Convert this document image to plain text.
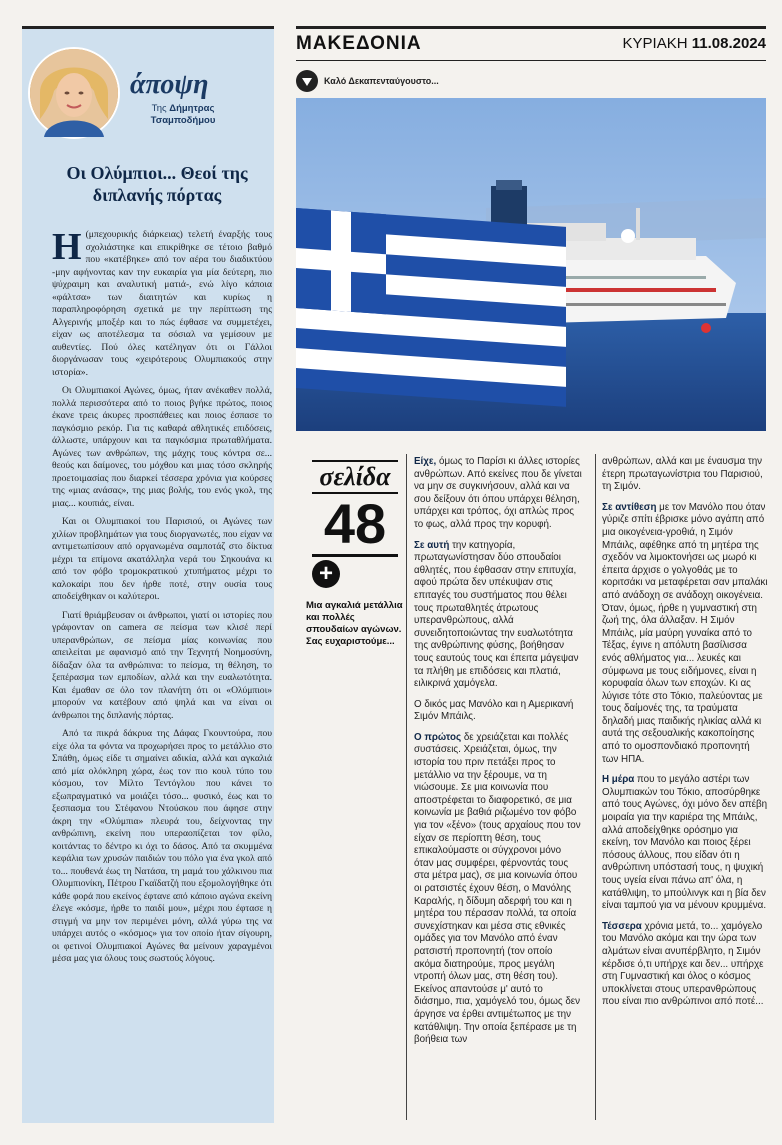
άποψη
Της Δήμητρας Τσαμποδήμου
Οι Ολύμπιοι... Θεοί της διπλανής πόρτας

Η (μπεχουρικής διάρκειας) τελετή έναρξής τους σχολιάστηκε και επικρίθηκε σε τέτοιο βαθμό που «κατέβηκε» από τον αέρα του διαδικτύου -μην αφήνοντας καν την ευκαιρία για μία δεύτερη, πιο ψύχραιμη και αναλυτική ματιά-, ενώ λίγο κάποια «φάλτσα» των διαιτητών και κυρίως η παραπληροφόρηση σχετικά με την περίπτωση της Αλγερινής μποξέρ και το πώς έφθασε να συμμετέχει, είχαν ως αποτέλεσμα τα σόσιαλ να γεμίσουν με αυθεντίες. Πού όλες κατέληγαν ότι οι Γάλλοι διοργάνωσαν τους «χειρότερους Ολυμπιακούς στην ιστορία».

Οι Ολυμπιακοί Αγώνες, όμως, ήταν ανέκαθεν πολλά, πολλά περισσότερα από το ποιος βγήκε πρώτος, ποιος έκανε τρεις άκυρες προσπάθειες και ποιος έσπασε το παγκόσμιο ρεκόρ. Για τις καθαρά αθλητικές επιδόσεις, άλλωστε, υπάρχουν και τα παγκόσμια πρωταθλήματα. Αγώνες των ανθρώπων, της μάχης τους κόντρα σε... θεούς και δαίμονες, του μόχθου και μιας τόσο σκληρής προετοιμασίας που διαρκεί τέσσερα χρόνια για κούρσες της «μιας ανάσας», της μιας βολής, του ενός γκολ, της μιας... κουπιάς, είναι.

Και οι Ολυμπιακοί του Παρισιού, οι Αγώνες των χιλίων προβλημάτων για τους διοργανωτές, που είχαν να αντιμετωπίσουν από οργανωμένα σαμποτάζ στο δίκτυα μέχρι τα επίμονα ακατάλληλα νερά του Σηκουάνα κι από τον φόβο τρομοκρατικού χτυπήματος μέχρι το καλοκαίρι που δεν ήρθε ποτέ, στην ουσία τους αποδείχθηκαν οι καλύτεροι.

Γιατί θριάμβευσαν οι άνθρωποι, γιατί οι ιστορίες που γράφονταν on camera σε πείσμα των κλισέ περί υπερανθρώπων, σε πείσμα μίας κοινωνίας που απειλείται με αφανισμό από την Τεχνητή Νοημοσύνη, δίδαξαν όλα τα ανθρώπινα: το πείσμα, τη θέληση, το ξεπέρασμα των εμποδίων, αλλά και την ευαλωτότητα. Και έμαθαν σε όλο τον πλανήτη ότι οι «Ολύμπιοι» μπορούν να κατέβουν από ψηλά και να είναι οι άνθρωποι της διπλανής πόρτας.

Από τα πικρά δάκρυα της Δάφας Γκουντούρα, που είχε όλα τα φόντα να προχωρήσει προς το μετάλλιο στο Σπάθη, όμως είδε τι σημαίνει αδικία, αλλά και αγκαλιά από μία ολόκληρη χώρα, έως τον πιο κουλ τύπο του κόσμου, τον Μίλτο Τεντόγλου που κάνει το εξωπραγματικό να μοιάζει τόσο... φυσικό, έως και το ξεσπασμα του Στέφανου Ντούσκου που άφησε στην άκρη την «Ολύμπια» πλευρά του, δείχνοντας την ανθρώπινη, εκείνη που υπεραοπίζεται τον φίλο, κοιτάντας το δέντρο κι όχι το δάσος. Από τα σκυμμένα κεφάλια των χρυσών παιδιών του πόλο για ένα γκολ από το... πουθενά έως τη Νατάσα, τη μαμά του χάλκινου πια Ολυμπιονίκη, Πέτρου Γκαϊδατζή που εξομολογήθηκε ότι κάθε φορά που εκείνος έφτανε από κάποιο αγώνα εκείνη έλεγε «κόσμε, ήρθε το παιδί μου», μέχρι που έφτασε η στιγμή να μην τον περιμένει μόνη, αλλά γύρω της να υπάρχει αυτός ο «κόσμος» για τον οποίο ήταν σίγουρη, οι φετινοί Ολυμπιακοί Αγώνες θα μείνουν χαραγμένοι μέσα μας για όλους τους σωστούς λόγους.

ΜΑΚΕΔΟΝΙΑ	ΚΥΡΙΑΚΗ 11.08.2024
Καλό Δεκαπενταύγουστο...
σελίδα
48
+
Μια αγκαλιά μετάλλια και πολλές σπουδαίων αγώνων. Σας ευχαριστούμε...

Είχε, όμως το Παρίσι κι άλλες ιστορίες ανθρώπων. Από εκείνες που δε γίνεται να μην σε συγκινήσουν, αλλά και να σου δείξουν ότι όπου υπάρχει θέληση, υπάρχει και τρόπος, όχι απλώς προς το φως, αλλά προς την κορυφή.

Σε αυτή την κατηγορία, πρωταγωνίστησαν δύο σπουδαίοι αθλητές, που έφθασαν στην επιτυχία, αφού πρώτα δεν υπέκυψαν στις επιταγές του συστήματος που θέλει τους πρωταθλητές άτρωτους υπερανθρώπους, αλλά συνειδητοποιώντας την ευαλωτότητα της ανθρώπινης φύσης, βοήθησαν τους εαυτούς τους και έπειτα μάγεψαν τα πλήθη με επιδόσεις και πλατιά, ειλικρινά χαμόγελα.

Ο δικός μας Μανόλο και η Αμερικανή Σιμόν Μπάιλς.

Ο πρώτος δε χρειάζεται και πολλές συστάσεις. Χρειάζεται, όμως, την ιστορία του πριν πετάξει προς το μετάλλιο να την ξέρουμε, να τη νιώσουμε. Σε μια κοινωνία που αποστρέφεται το διαφορετικό, σε μια κοινωνία με βαθιά ριζωμένο τον φόβο για τον «ξένο» (τους αρχαίους που τον είχαν σε περίοπτη θέση, τους επικαλούμαστε οι σύγχρονοι μόνο όταν μας συμφέρει, φέρνοντάς τους στα μέτρα μας), σε μια κοινωνία όπου οι ρατσιστές έχουν θέση, ο Μανόλης Καραλής, η δίδυμη αδερφή του και η μητέρα του πέρασαν πολλά, τα οποία συνεχίστηκαν και μέσα στις εθνικές ομάδες για τον Μανόλο από έναν ρατσιστή προπονητή (τον οποίο ακόμα διατηρούμε, προς μεγάλη ντροπή όλων μας, στη θέση του). Εκείνος απαντούσε μ' αυτό το διάσημο, πια, χαμόγελό του, όμως δεν άργησε να έρθει αντιμέτωπος με την κατάθλιψη. Την οποία ξεπέρασε με τη βοήθεια των

ανθρώπων, αλλά και με έναυσμα την έτερη πρωταγωνίστρια του Παρισιού, τη Σιμόν.

Σε αντίθεση με τον Μανόλο που όταν γύριζε σπίτι έβρισκε μόνο αγάπη από μια οικογένεια-γροθιά, η Σιμόν Μπάιλς, αφέθηκε από τη μητέρα της σχεδόν να λιμοκτονήσει ως μωρό κι έπειτα άρχισε ο γολγοθάς με το κοριτσάκι να μεταφέρεται σαν μπαλάκι από ανάδοχη σε ανάδοχη οικογένεια. Όταν, όμως, ήρθε η γυμναστική στη ζωή της, όλα άλλαξαν. Η Σιμόν Μπάιλς, μία μαύρη γυναίκα από το Τέξας, έγινε η απόλυτη βασίλισσα ενός αθλήματος για... λευκές και σύμφωνα με τους ειδήμονες, είναι η κορυφαία όλων των εποχών. Κι ας λύγισε τότε στο Τόκιο, παλεύοντας με τους δαίμονές της, τα τραύματα δηλαδή μιας παιδικής ηλικίας αλλά κι αυτά της σεξουαλικής κακοποίησης από το ομοσπονδιακό προπονητή των ΗΠΑ.

Η μέρα που το μεγάλο αστέρι των Ολυμπιακών του Τόκιο, αποσύρθηκε από τους Αγώνες, όχι μόνο δεν απέβη μοιραία για την καριέρα της Μπάιλς, αλλά αποδείχθηκε ορόσημο για εκείνη, τον Μανόλο και ποιος ξέρει πόσους άλλους, που είδαν ότι η ανθρώπινη υπόστασή τους, η ψυχική τους υγεία είναι πάνω απ' όλα, η κατάθλιψη, το μπούλινγκ και η βία δεν είναι ταμπού για να μένουν κρυμμένα.

Τέσσερα χρόνια μετά, το... χαμόγελο του Μανόλο ακόμα και την ώρα των αλμάτων είναι ανυπέρβλητο, η Σιμόν κέρδισε ό,τι υπήρχε και δεν... υπήρχε στη Γυμναστική και όλος ο κόσμος υποκλίνεται στους υπερανθρώπους που είναι πιο ανθρώπινοι από ποτέ...
